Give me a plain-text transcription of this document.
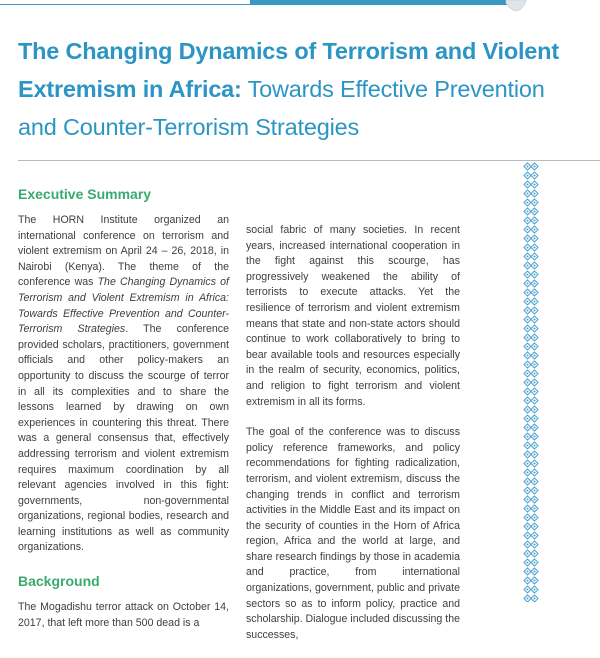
The Changing Dynamics of Terrorism and Violent Extremism in Africa: Towards Effective Prevention and Counter-Terrorism Strategies
Executive Summary

The HORN Institute organized an international conference on terrorism and violent extremism on April 24 – 26, 2018, in Nairobi (Kenya). The theme of the conference was The Changing Dynamics of Terrorism and Violent Extremism in Africa: Towards Effective Prevention and Counter-Terrorism Strategies. The conference provided scholars, practitioners, government officials and other policy-makers an opportunity to discuss the scourge of terror in all its complexities and to share the lessons learned by drawing on own experiences in countering this threat. There was a general consensus that, effectively addressing terrorism and violent extremism requires maximum coordination by all relevant agencies involved in this fight: governments, non-governmental organizations, regional bodies, research and learning institutions as well as community organizations.

Background

The Mogadishu terror attack on October 14, 2017, that left more than 500 dead is a

social fabric of many societies. In recent years, increased international cooperation in the fight against this scourge, has progressively weakened the ability of terrorists to execute attacks. Yet the resilience of terrorism and violent extremism means that state and non-state actors should continue to work collaboratively to bring to bear available tools and resources especially in the realm of security, economics, politics, and religion to fight terrorism and violent extremism in all its forms.

The goal of the conference was to discuss policy reference frameworks, and policy recommendations for fighting radicalization, terrorism, and violent extremism, discuss the changing trends in conflict and terrorism activities in the Middle East and its impact on the security of counties in the Horn of Africa region, Africa and the world at large, and share research findings by those in academia and practice, from international organizations, government, public and private sectors so as to inform policy, practice and scholarship. Dialogue included discussing the successes,
